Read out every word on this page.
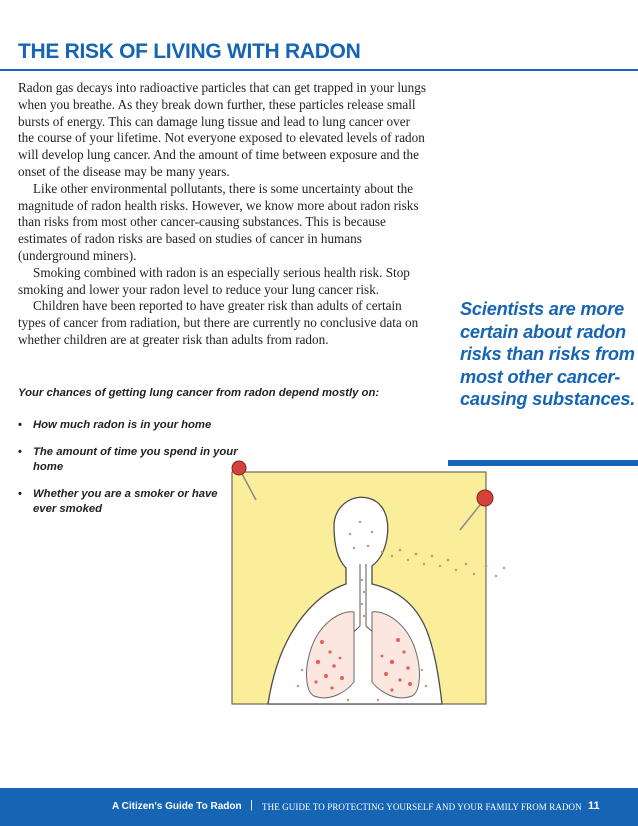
THE RISK OF LIVING WITH RADON

Radon gas decays into radioactive particles that can get trapped in your lungs when you breathe. As they break down further, these particles release small bursts of energy. This can damage lung tissue and lead to lung cancer over the course of your lifetime. Not everyone exposed to elevated levels of radon will develop lung cancer. And the amount of time between exposure and the onset of the disease may be many years.

Like other environmental pollutants, there is some uncertainty about the magnitude of radon health risks. However, we know more about radon risks than risks from most other cancer-causing substances. This is because estimates of radon risks are based on studies of cancer in humans (underground miners).

Smoking combined with radon is an especially serious health risk. Stop smoking and lower your radon level to reduce your lung cancer risk.

Children have been reported to have greater risk than adults of certain types of cancer from radiation, but there are currently no conclusive data on whether children are at greater risk than adults from radon.

Your chances of getting lung cancer from radon depend mostly on:
• How much radon is in your home
• The amount of time you spend in your home
• Whether you are a smoker or have ever smoked
Scientists are more certain about radon risks than risks from most other cancer-causing substances.
A Citizen's Guide To Radon | THE GUIDE TO PROTECTING YOURSELF AND YOUR FAMILY FROM RADON 11
